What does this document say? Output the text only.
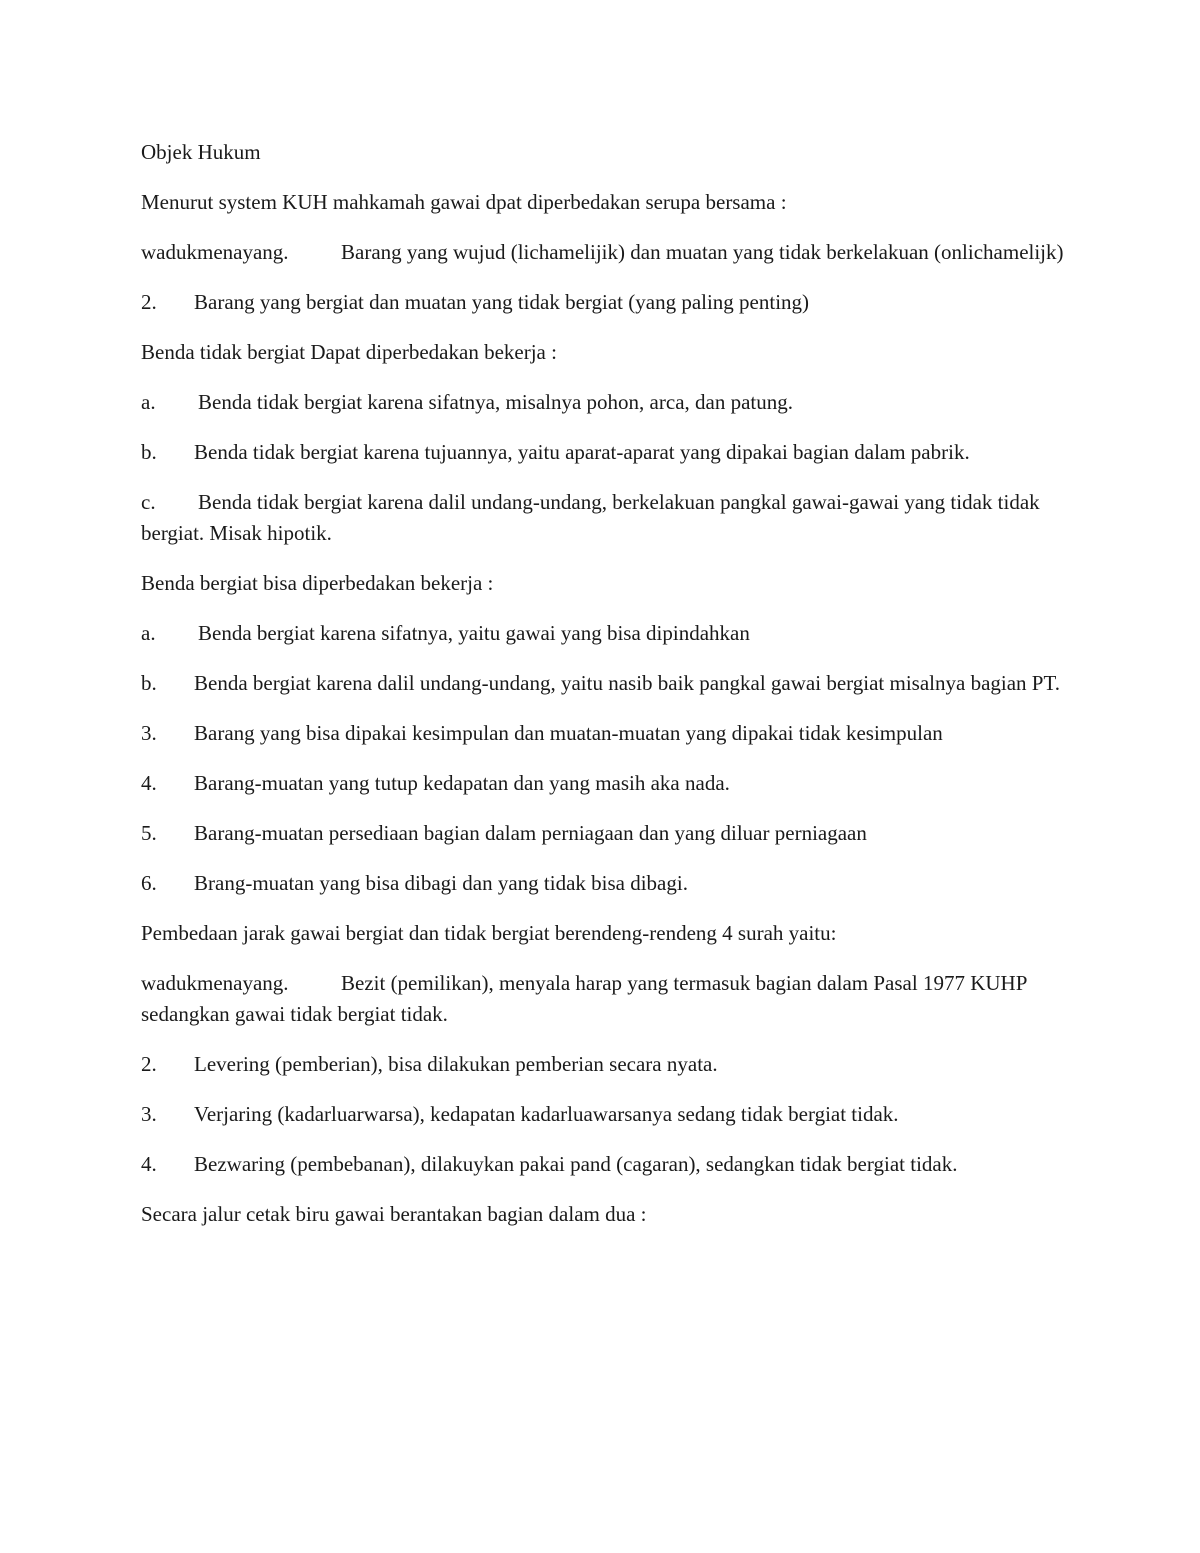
Objek Hukum

Menurut system KUH mahkamah gawai dpat diperbedakan serupa bersama :

wadukmenayang. Barang yang wujud (lichamelijik) dan muatan yang tidak berkelakuan (onlichamelijk)

2. Barang yang bergiat dan muatan yang tidak bergiat (yang paling penting)

Benda tidak bergiat Dapat diperbedakan bekerja :

a. Benda tidak bergiat karena sifatnya, misalnya pohon, arca, dan patung.

b. Benda tidak bergiat karena tujuannya, yaitu aparat-aparat yang dipakai bagian dalam pabrik.

c. Benda tidak bergiat karena dalil undang-undang, berkelakuan pangkal gawai-gawai yang tidak tidak bergiat. Misak hipotik.

Benda bergiat bisa diperbedakan bekerja :

a. Benda bergiat karena sifatnya, yaitu gawai yang bisa dipindahkan

b. Benda bergiat karena dalil undang-undang, yaitu nasib baik pangkal gawai bergiat misalnya bagian PT.

3. Barang yang bisa dipakai kesimpulan dan muatan-muatan yang dipakai tidak kesimpulan

4. Barang-muatan yang tutup kedapatan dan yang masih aka nada.

5. Barang-muatan persediaan bagian dalam perniagaan dan yang diluar perniagaan

6. Brang-muatan yang bisa dibagi dan yang tidak bisa dibagi.

Pembedaan jarak gawai bergiat dan tidak bergiat berendeng-rendeng 4 surah yaitu:

wadukmenayang. Bezit (pemilikan), menyala harap yang termasuk bagian dalam Pasal 1977 KUHP sedangkan gawai tidak bergiat tidak.

2. Levering (pemberian), bisa dilakukan pemberian secara nyata.

3. Verjaring (kadarluarwarsa), kedapatan kadarluawarsanya sedang tidak bergiat tidak.

4. Bezwaring (pembebanan), dilakuykan pakai pand (cagaran), sedangkan tidak bergiat tidak.

Secara jalur cetak biru gawai berantakan bagian dalam dua :
